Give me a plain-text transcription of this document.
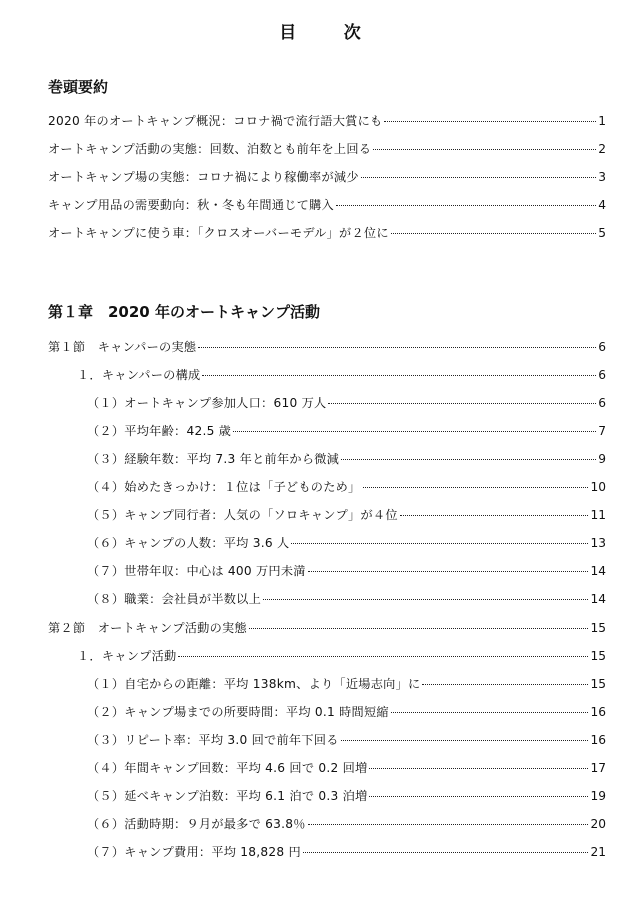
目　次
巻頭要約
2020 年のオートキャンプ概況：コロナ禍で流行語大賞にも	1
オートキャンプ活動の実態：回数、泊数とも前年を上回る	2
オートキャンプ場の実態：コロナ禍により稼働率が減少	3
キャンプ用品の需要動向：秋・冬も年間通じて購入	4
オートキャンプに使う車：「クロスオーバーモデル」が２位に	5
第１章　2020 年のオートキャンプ活動
第１節　キャンパーの実態	6
１．キャンパーの構成	6
（１）オートキャンプ参加人口：610 万人	6
（２）平均年齢：42.5 歳	7
（３）経験年数：平均 7.3 年と前年から微減	9
（４）始めたきっかけ：１位は「子どものため」	10
（５）キャンプ同行者：人気の「ソロキャンプ」が４位	11
（６）キャンプの人数：平均 3.6 人	13
（７）世帯年収：中心は 400 万円未満	14
（８）職業：会社員が半数以上	14
第２節　オートキャンプ活動の実態	15
１．キャンプ活動	15
（１）自宅からの距離：平均 138km、より「近場志向」に	15
（２）キャンプ場までの所要時間：平均 0.1 時間短縮	16
（３）リピート率：平均 3.0 回で前年下回る	16
（４）年間キャンプ回数：平均 4.6 回で 0.2 回増	17
（５）延べキャンプ泊数：平均 6.1 泊で 0.3 泊増	19
（６）活動時期：９月が最多で 63.8％	20
（７）キャンプ費用：平均 18,828 円	21
